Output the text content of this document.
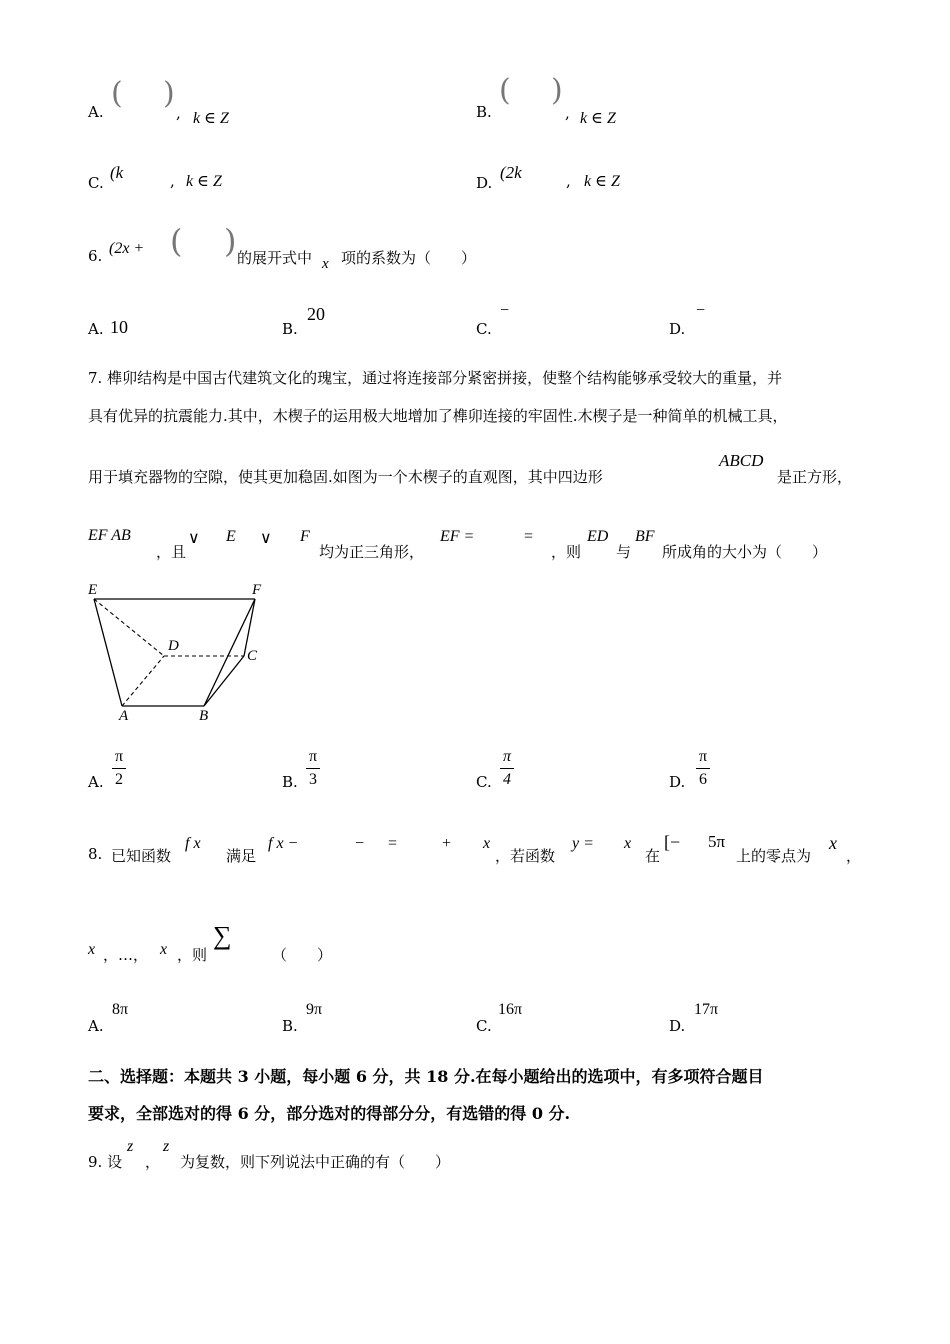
A.
( )
, k ∈ Z	B.
( )
, k ∈ Z
C.
(k	, k ∈ Z	D.
(2k	, k ∈ Z
6. (2x + ( ) 的展开式中 x 项的系数为（　　）
A. 10	B.
20
C.
−
D.
−
7. 榫卯结构是中国古代建筑文化的瑰宝，通过将连接部分紧密拼接，使整个结构能够承受较大的重量，并
具有优异的抗震能力.其中，木楔子的运用极大地增加了榫卯连接的牢固性.木楔子是一种简单的机械工具，
用于填充器物的空隙，使其更加稳固.如图为一个木楔子的直观图，其中四边形
ABCD
是正方形，
EF AB
，且
∨ E ∨ F
均为正三角形，
EF =	=
，则
ED
与
BF
所成角的大小为（　　）
E	F
D
C
A	B
A.
π
2	B.
π
3	C.
π
4	D.
π
6
8. 已知函数
f x
满足
f x −	− =	+ x
，若函数
y = x
在
[− 5π
上的零点为
x
，
x ，…， x ，则
∑
（　　）
A.
8π
B.
9π
C.
16π
D.
17π
二、选择题：本题共 3 小题，每小题 6 分，共 18 分.在每小题给出的选项中，有多项符合题目
要求，全部选对的得 6 分，部分选对的得部分分，有选错的得 0 分.
9. 设
z
，
z
为复数，则下列说法中正确的有（　　）
